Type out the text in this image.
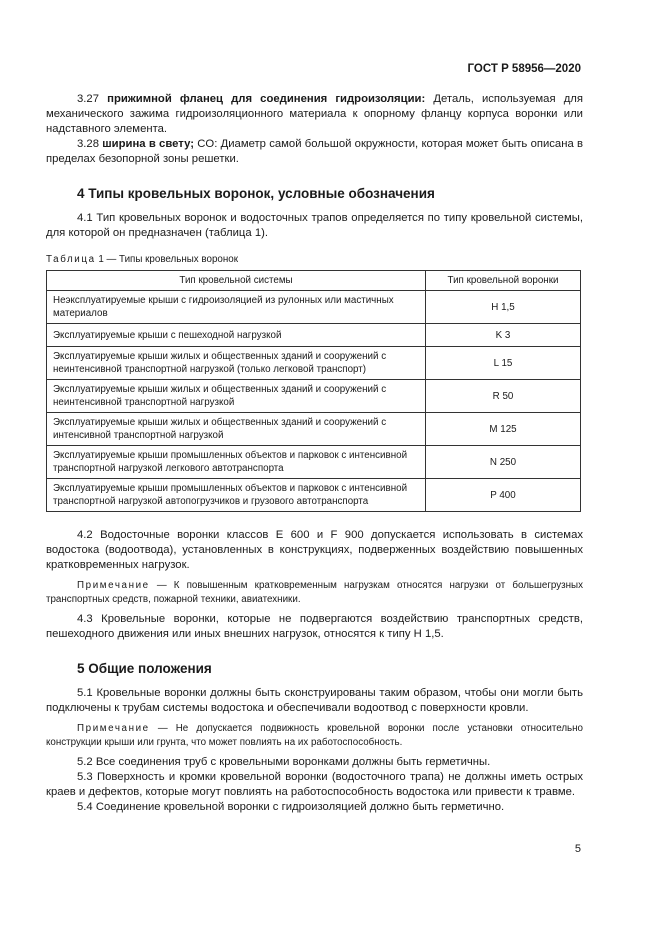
ГОСТ Р 58956—2020

3.27 прижимной фланец для соединения гидроизоляции: Деталь, используемая для механического зажима гидроизоляционного материала к опорному фланцу корпуса воронки или надставного элемента.

3.28 ширина в свету; CO: Диаметр самой большой окружности, которая может быть описана в пределах безопорной зоны решетки.

4 Типы кровельных воронок, условные обозначения

4.1 Тип кровельных воронок и водосточных трапов определяется по типу кровельной системы, для которой он предназначен (таблица 1).

Таблица 1 — Типы кровельных воронок

Тип кровельной системы	Тип кровельной воронки
Неэксплуатируемые крыши с гидроизоляцией из рулонных или мастичных материалов	H 1,5
Эксплуатируемые крыши с пешеходной нагрузкой	K 3
Эксплуатируемые крыши жилых и общественных зданий и сооружений с неинтенсивной транспортной нагрузкой (только легковой транспорт)	L 15
Эксплуатируемые крыши жилых и общественных зданий и сооружений с неинтенсивной транспортной нагрузкой	R 50
Эксплуатируемые крыши жилых и общественных зданий и сооружений с интенсивной транспортной нагрузкой	M 125
Эксплуатируемые крыши промышленных объектов и парковок с интенсивной транспортной нагрузкой легкового автотранспорта	N 250
Эксплуатируемые крыши промышленных объектов и парковок с интенсивной транспортной нагрузкой автопогрузчиков и грузового автотранспорта	P 400

4.2 Водосточные воронки классов E 600 и F 900 допускается использовать в системах водостока (водоотвода), установленных в конструкциях, подверженных воздействию повышенных кратковременных нагрузок.

Примечание — К повышенным кратковременным нагрузкам относятся нагрузки от большегрузных транспортных средств, пожарной техники, авиатехники.

4.3 Кровельные воронки, которые не подвергаются воздействию транспортных средств, пешеходного движения или иных внешних нагрузок, относятся к типу H 1,5.

5 Общие положения

5.1 Кровельные воронки должны быть сконструированы таким образом, чтобы они могли быть подключены к трубам системы водостока и обеспечивали водоотвод с поверхности кровли.

Примечание — Не допускается подвижность кровельной воронки после установки относительно конструкции крыши или грунта, что может повлиять на их работоспособность.

5.2 Все соединения труб с кровельными воронками должны быть герметичны.

5.3 Поверхность и кромки кровельной воронки (водосточного трапа) не должны иметь острых краев и дефектов, которые могут повлиять на работоспособность водостока или привести к травме.

5.4 Соединение кровельной воронки с гидроизоляцией должно быть герметично.

5
